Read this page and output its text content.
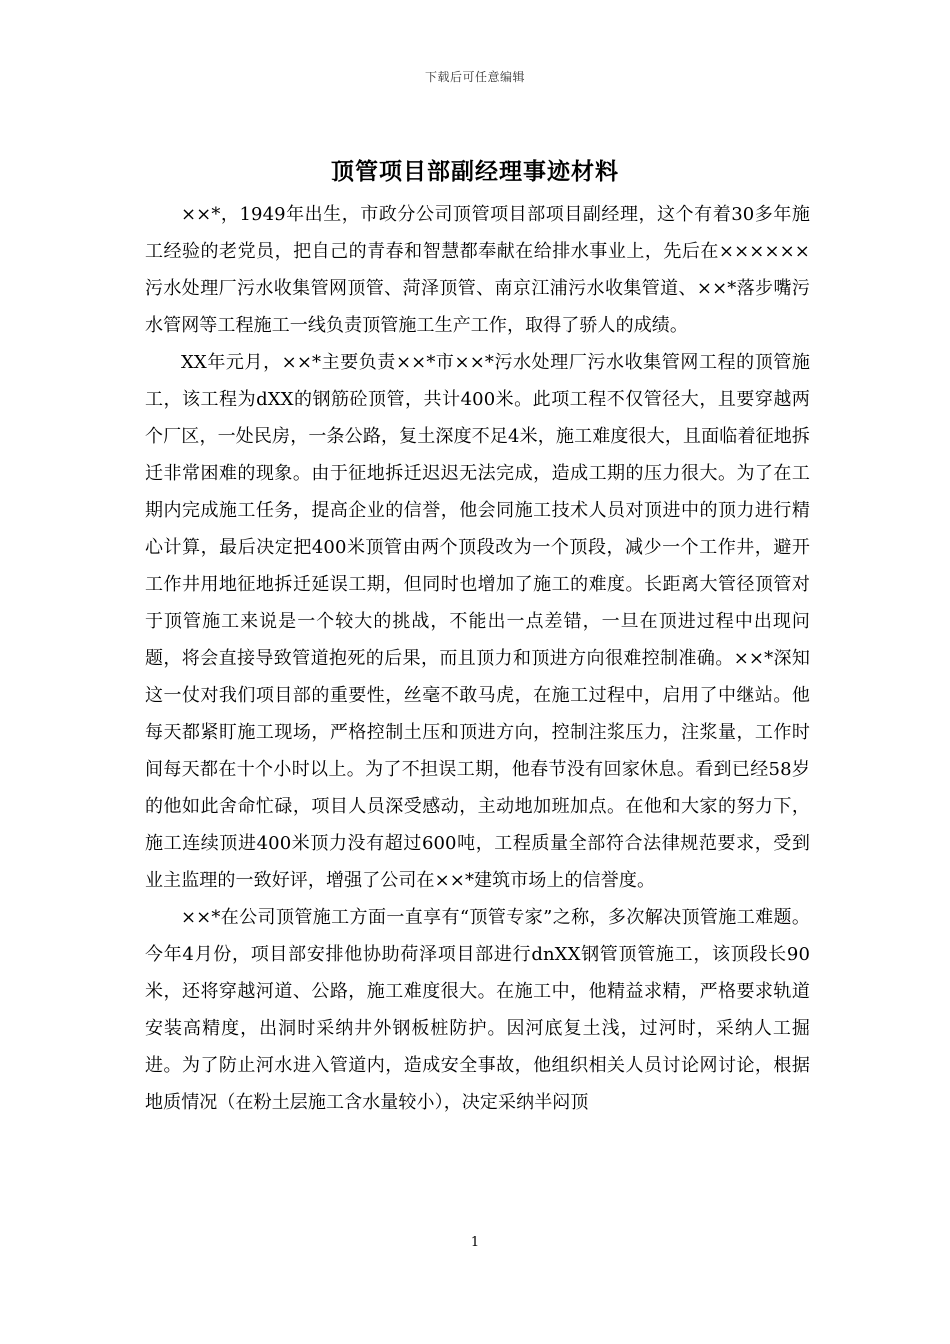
下载后可任意编辑
顶管项目部副经理事迹材料

××*，1949年出生，市政分公司顶管项目部项目副经理，这个有着30多年施工经验的老党员，把自己的青春和智慧都奉献在给排水事业上，先后在××××××污水处理厂污水收集管网顶管、菏泽顶管、南京江浦污水收集管道、××*落步嘴污水管网等工程施工一线负责顶管施工生产工作，取得了骄人的成绩。

XX年元月，××*主要负责××*市××*污水处理厂污水收集管网工程的顶管施工，该工程为dXX的钢筋砼顶管，共计400米。此项工程不仅管径大，且要穿越两个厂区，一处民房，一条公路，复土深度不足4米，施工难度很大，且面临着征地拆迁非常困难的现象。由于征地拆迁迟迟无法完成，造成工期的压力很大。为了在工期内完成施工任务，提高企业的信誉，他会同施工技术人员对顶进中的顶力进行精心计算，最后决定把400米顶管由两个顶段改为一个顶段，减少一个工作井，避开工作井用地征地拆迁延误工期，但同时也增加了施工的难度。长距离大管径顶管对于顶管施工来说是一个较大的挑战，不能出一点差错，一旦在顶进过程中出现问题，将会直接导致管道抱死的后果，而且顶力和顶进方向很难控制准确。××*深知这一仗对我们项目部的重要性，丝毫不敢马虎，在施工过程中，启用了中继站。他每天都紧盯施工现场，严格控制土压和顶进方向，控制注浆压力，注浆量，工作时间每天都在十个小时以上。为了不担误工期，他春节没有回家休息。看到已经58岁的他如此舍命忙碌，项目人员深受感动，主动地加班加点。在他和大家的努力下，施工连续顶进400米顶力没有超过600吨，工程质量全部符合法律规范要求，受到业主监理的一致好评，增强了公司在××*建筑市场上的信誉度。

××*在公司顶管施工方面一直享有“顶管专家”之称，多次解决顶管施工难题。今年4月份，项目部安排他协助荷泽项目部进行dnXX钢管顶管施工，该顶段长90米，还将穿越河道、公路，施工难度很大。在施工中，他精益求精，严格要求轨道安装高精度，出洞时采纳井外钢板桩防护。因河底复土浅，过河时，采纳人工掘进。为了防止河水进入管道内，造成安全事故，他组织相关人员讨论网讨论，根据地质情况（在粉土层施工含水量较小），决定采纳半闷顶

1
